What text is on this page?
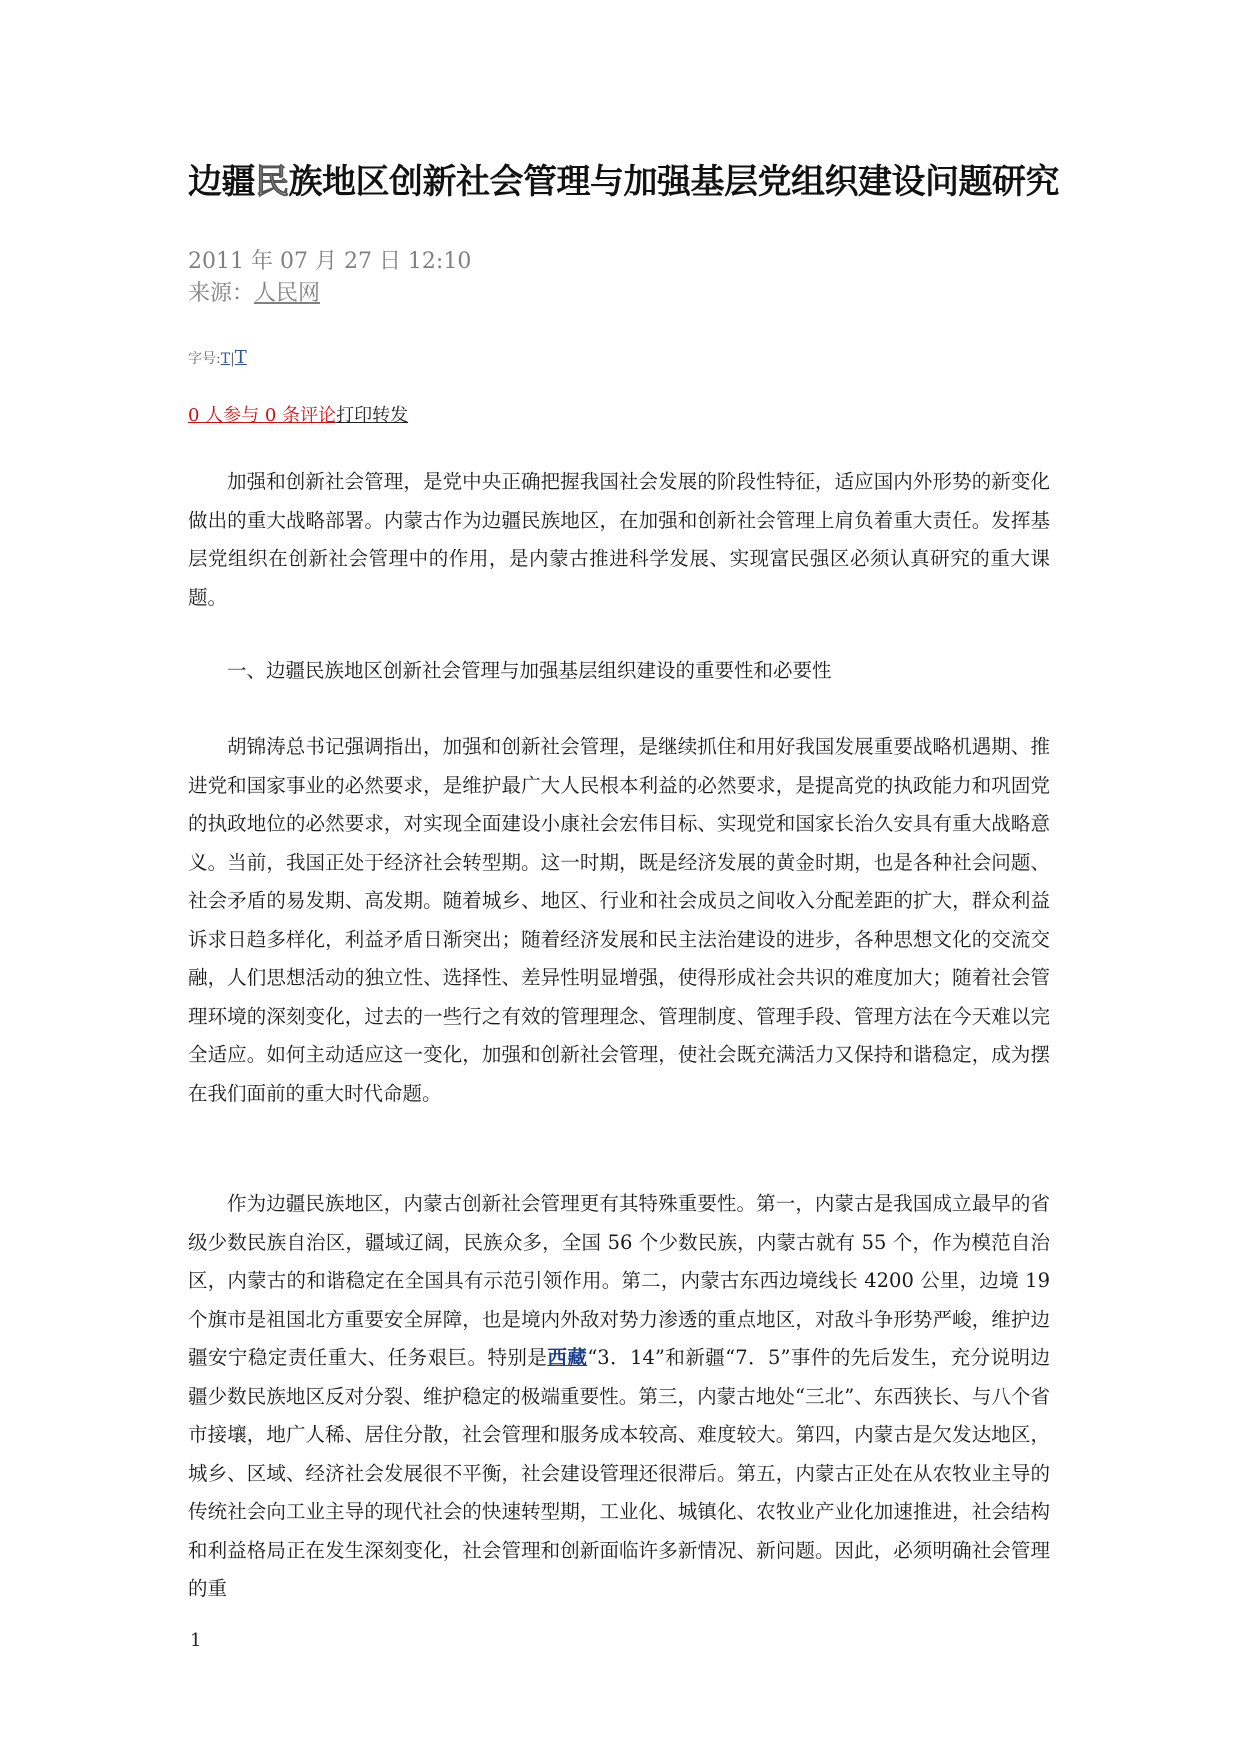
边疆民族地区创新社会管理与加强基层党组织建设问题研究
2011 年 07 月 27 日 12:10
来源：人民网
字号:T|T
0 人参与 0 条评论打印转发

加强和创新社会管理，是党中央正确把握我国社会发展的阶段性特征，适应国内外形势的新变化做出的重大战略部署。内蒙古作为边疆民族地区，在加强和创新社会管理上肩负着重大责任。发挥基层党组织在创新社会管理中的作用，是内蒙古推进科学发展、实现富民强区必须认真研究的重大课题。

一、边疆民族地区创新社会管理与加强基层组织建设的重要性和必要性

胡锦涛总书记强调指出，加强和创新社会管理，是继续抓住和用好我国发展重要战略机遇期、推进党和国家事业的必然要求，是维护最广大人民根本利益的必然要求，是提高党的执政能力和巩固党的执政地位的必然要求，对实现全面建设小康社会宏伟目标、实现党和国家长治久安具有重大战略意义。当前，我国正处于经济社会转型期。这一时期，既是经济发展的黄金时期，也是各种社会问题、社会矛盾的易发期、高发期。随着城乡、地区、行业和社会成员之间收入分配差距的扩大，群众利益诉求日趋多样化，利益矛盾日渐突出；随着经济发展和民主法治建设的进步，各种思想文化的交流交融，人们思想活动的独立性、选择性、差异性明显增强，使得形成社会共识的难度加大；随着社会管理环境的深刻变化，过去的一些行之有效的管理理念、管理制度、管理手段、管理方法在今天难以完全适应。如何主动适应这一变化，加强和创新社会管理，使社会既充满活力又保持和谐稳定，成为摆在我们面前的重大时代命题。

作为边疆民族地区，内蒙古创新社会管理更有其特殊重要性。第一，内蒙古是我国成立最早的省级少数民族自治区，疆域辽阔，民族众多，全国 56 个少数民族，内蒙古就有 55 个，作为模范自治区，内蒙古的和谐稳定在全国具有示范引领作用。第二，内蒙古东西边境线长 4200 公里，边境 19 个旗市是祖国北方重要安全屏障，也是境内外敌对势力渗透的重点地区，对敌斗争形势严峻，维护边疆安宁稳定责任重大、任务艰巨。特别是西藏“3．14”和新疆“7．5”事件的先后发生，充分说明边疆少数民族地区反对分裂、维护稳定的极端重要性。第三，内蒙古地处“三北”、东西狭长、与八个省市接壤，地广人稀、居住分散，社会管理和服务成本较高、难度较大。第四，内蒙古是欠发达地区，城乡、区域、经济社会发展很不平衡，社会建设管理还很滞后。第五，内蒙古正处在从农牧业主导的传统社会向工业主导的现代社会的快速转型期，工业化、城镇化、农牧业产业化加速推进，社会结构和利益格局正在发生深刻变化，社会管理和创新面临许多新情况、新问题。因此，必须明确社会管理的重

1
